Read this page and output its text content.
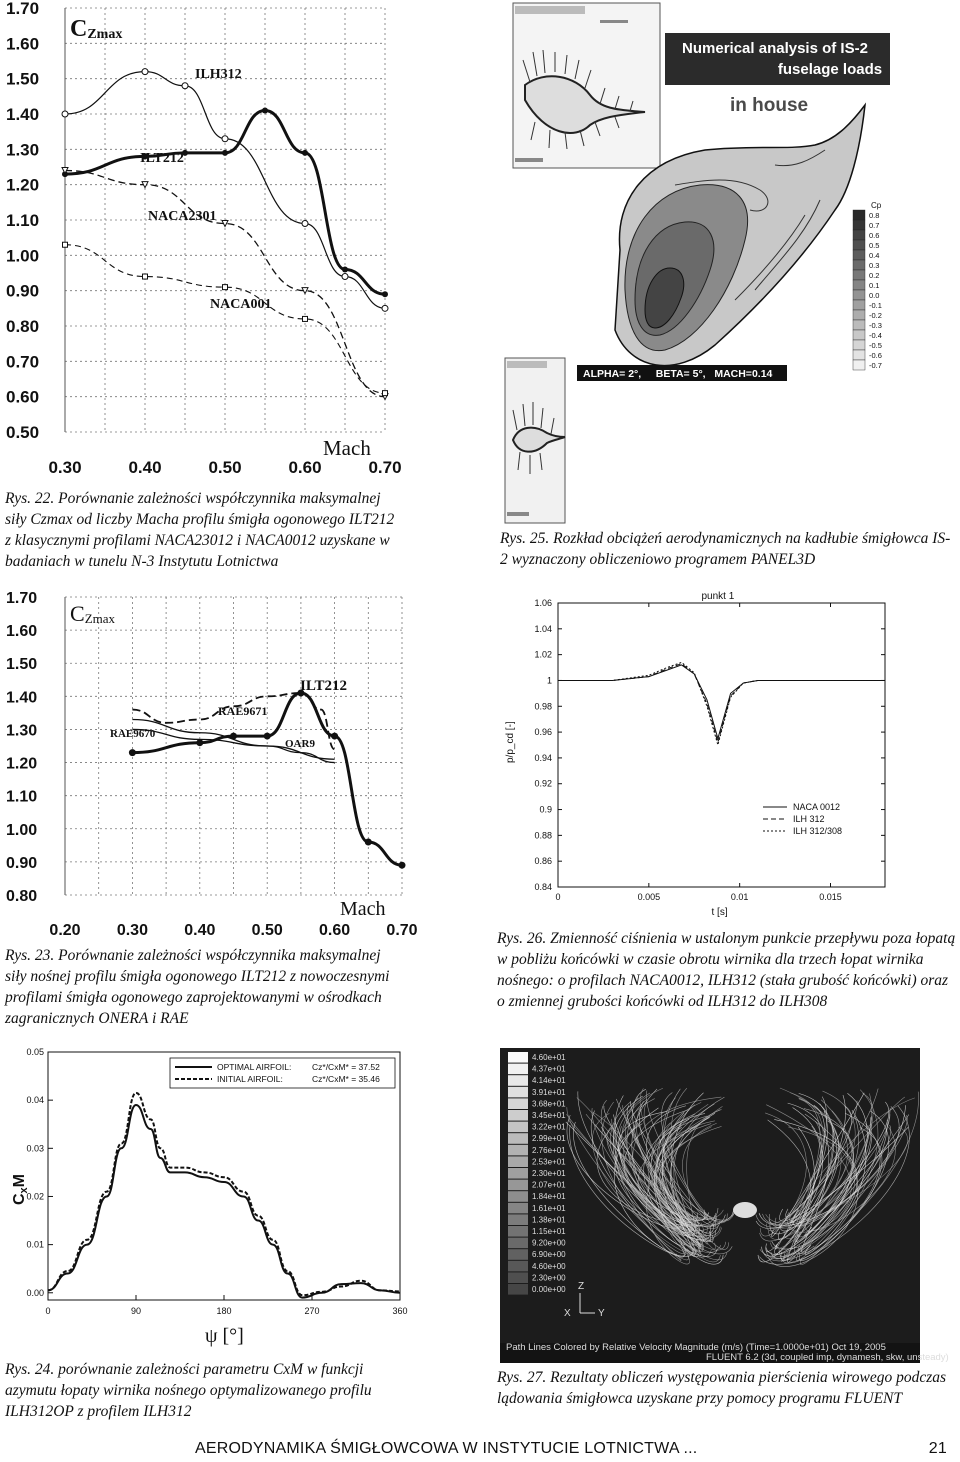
1.70
1.60
1.50
1.40
1.30
1.20
1.10
1.00
0.90
0.80
0.70
0.60
0.50
0.30	0.40	0.50	0.60	0.70
Mach
CZmax
ILH312
ILT212
NACA2301
NACA001
Rys. 22. Porównanie zależności współczynnika maksymalnej siły Czmax od liczby Macha profilu śmigła ogonowego ILT212 z klasycznymi profilami NACA23012 i NACA0012 uzyskane w badaniach w tunelu N-3 Instytutu Lotnictwa
Numerical analysis of IS-2
fuselage loads
in house
0.8
0.7
0.6
0.5
0.4
0.3
0.2
0.1
0.0
-0.1
-0.2
-0.3
-0.4
-0.5
-0.6
-0.7
Cp
ALPHA= 2°,     BETA= 5°,   MACH=0.14
Rys. 25. Rozkład obciążeń aerodynamicznych na kadłubie śmigłowca IS-2 wyznaczony obliczeniowo programem PANEL3D
1.70
1.60
1.50
1.40
1.30
1.20
1.10
1.00
0.90
0.80
0.20 0.30 0.40 0.50 0.60 0.70
Mach
CZmax
ILT212
RAE9671
RAE9670
OAR9
Rys. 23. Porównanie zależności współczynnika maksymalnej siły nośnej profilu śmigła ogonowego ILT212 z nowoczesnymi profilami śmigła ogonowego zaprojektowanymi w ośrodkach zagranicznych ONERA i RAE
1.06
1.04
1.02
1
0.98
0.96
0.94
0.92
0.9
0.88
0.86
0.84
0	0.005	0.01	0.015
t [s]
p/p_cd [-]
punkt 1
NACA 0012
ILH 312
ILH 312/308
Rys. 26. Zmienność ciśnienia w ustalonym punkcie przepływu poza łopatą w pobliżu końcówki w czasie obrotu wirnika dla trzech łopat wirnika nośnego: o profilach NACA0012, ILH312 (stała grubość końcówki) oraz o zmiennej grubości końcówki od ILH312 do ILH308
0.05
0.04
0.03
0.02
0.01
0.00
0	90	180	270	360
ψ [°]
CxM
OPTIMAL AIRFOIL:
INITIAL AIRFOIL:
Cz*/CxM* = 37.52
Cz*/CxM* = 35.46
Rys. 24. porównanie zależności parametru CxM w funkcji azymutu łopaty wirnika nośnego optymalizowanego profilu ILH312OP z profilem ILH312
4.60e+01
4.37e+01
4.14e+01
3.91e+01
3.68e+01
3.45e+01
3.22e+01
2.99e+01
2.76e+01
2.53e+01
2.30e+01
2.07e+01
1.84e+01
1.61e+01
1.38e+01
1.15e+01
9.20e+00
6.90e+00
4.60e+00
2.30e+00
0.00e+00 Z
X	Y
Path Lines Colored by Relative Velocity Magnitude (m/s) (Time=1.0000e+01) Oct 19, 2005
FLUENT 6.2 (3d, coupled imp, dynamesh, skw, unsteady)
Rys. 27. Rezultaty obliczeń występowania pierścienia wirowego podczas lądowania śmigłowca uzyskane przy pomocy programu FLUENT
AERODYNAMIKA ŚMIGŁOWCOWA W INSTYTUCIE LOTNICTWA ...	21
